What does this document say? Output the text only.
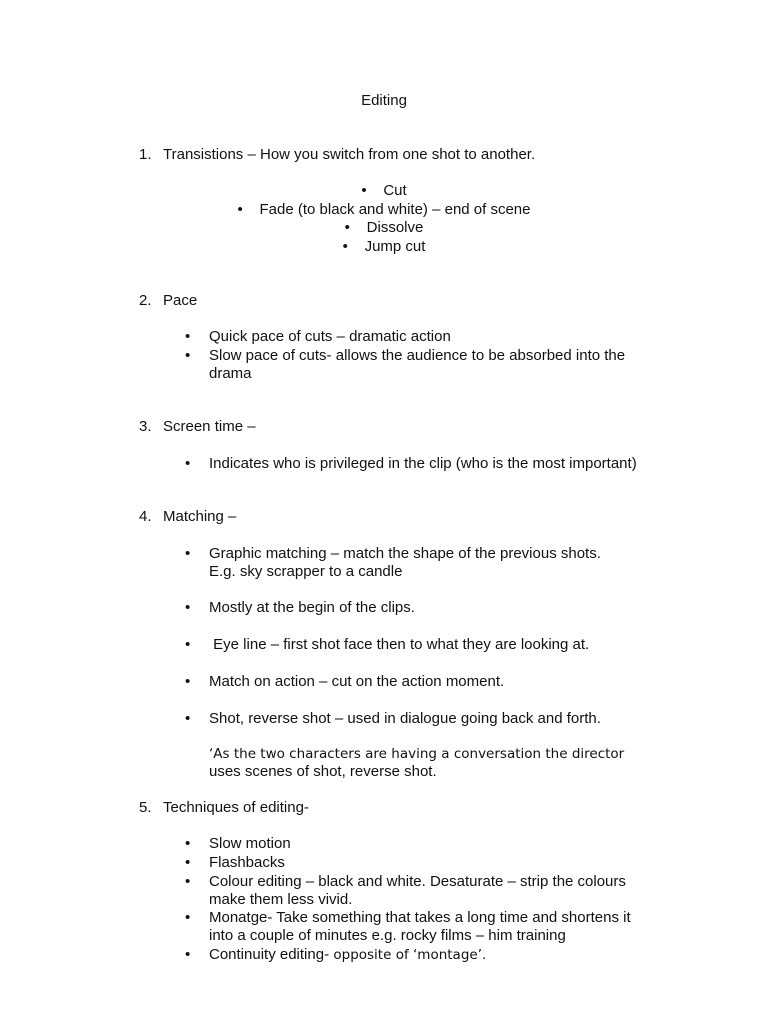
Editing
1. Transistions – How you switch from one shot to another.
• Cut
• Fade (to black and white) – end of scene
• Dissolve
• Jump cut
2. Pace
• Quick pace of cuts – dramatic action
• Slow pace of cuts- allows the audience to be absorbed into the drama
3. Screen time –
• Indicates who is privileged in the clip (who is the most important)
4. Matching –
• Graphic matching – match the shape of the previous shots.
E.g. sky scrapper to a candle
• Mostly at the begin of the clips.
• Eye line – first shot face then to what they are looking at.
• Match on action – cut on the action moment.
• Shot, reverse shot – used in dialogue going back and forth.
‘As the two characters are having a conversation the director
uses scenes of shot, reverse shot.
5. Techniques of editing-
• Slow motion
• Flashbacks
• Colour editing – black and white. Desaturate – strip the colours make them less vivid.
• Monatge- Take something that takes a long time and shortens it into a couple of minutes e.g. rocky films – him training
• Continuity editing- opposite of ‘montage’.
